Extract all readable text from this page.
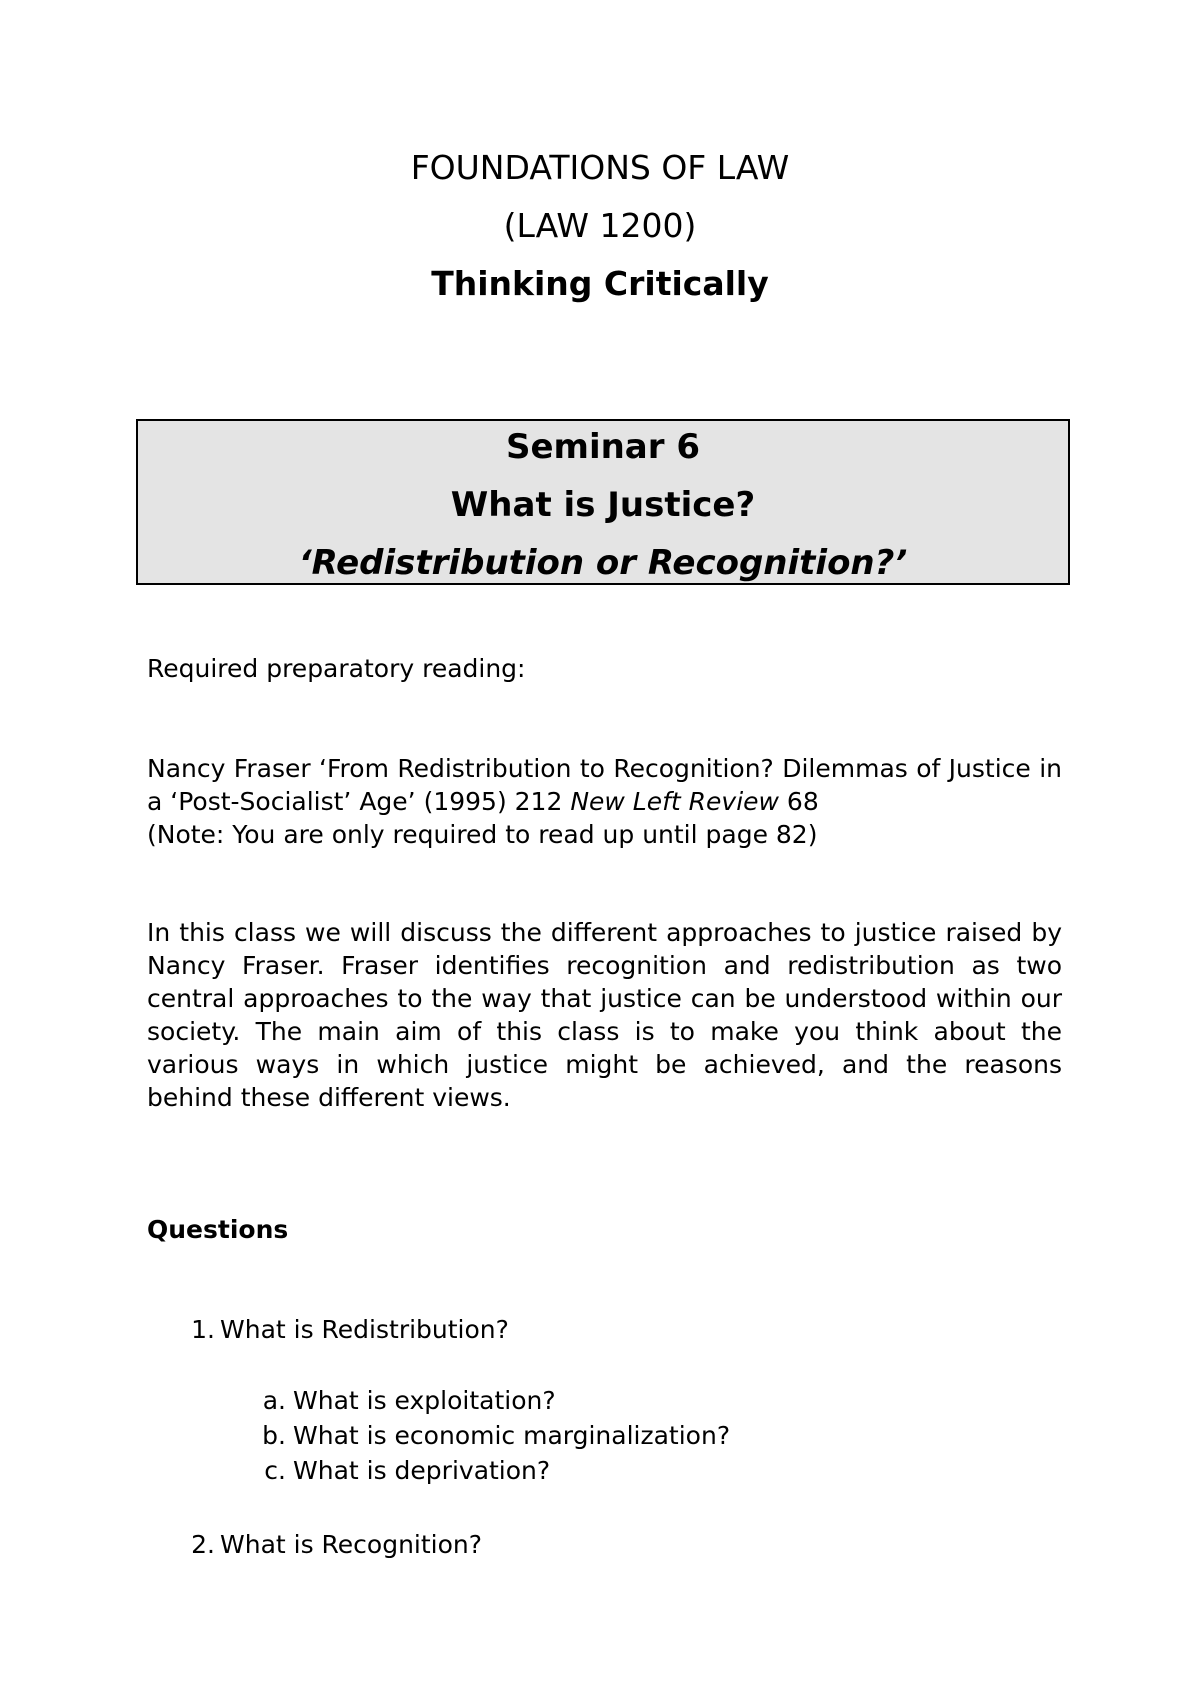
FOUNDATIONS OF LAW
(LAW 1200)
Thinking Critically
Seminar 6
What is Justice?
‘Redistribution or Recognition?’
Required preparatory reading:
Nancy Fraser ‘From Redistribution to Recognition? Dilemmas of Justice in a ‘Post-Socialist’ Age’ (1995) 212 New Left Review 68
(Note: You are only required to read up until page 82)
In this class we will discuss the different approaches to justice raised by Nancy Fraser. Fraser identifies recognition and redistribution as two central approaches to the way that justice can be understood within our society. The main aim of this class is to make you think about the various ways in which justice might be achieved, and the reasons behind these different views.
Questions
1. What is Redistribution?
a. What is exploitation?
b. What is economic marginalization?
c. What is deprivation?
2. What is Recognition?
